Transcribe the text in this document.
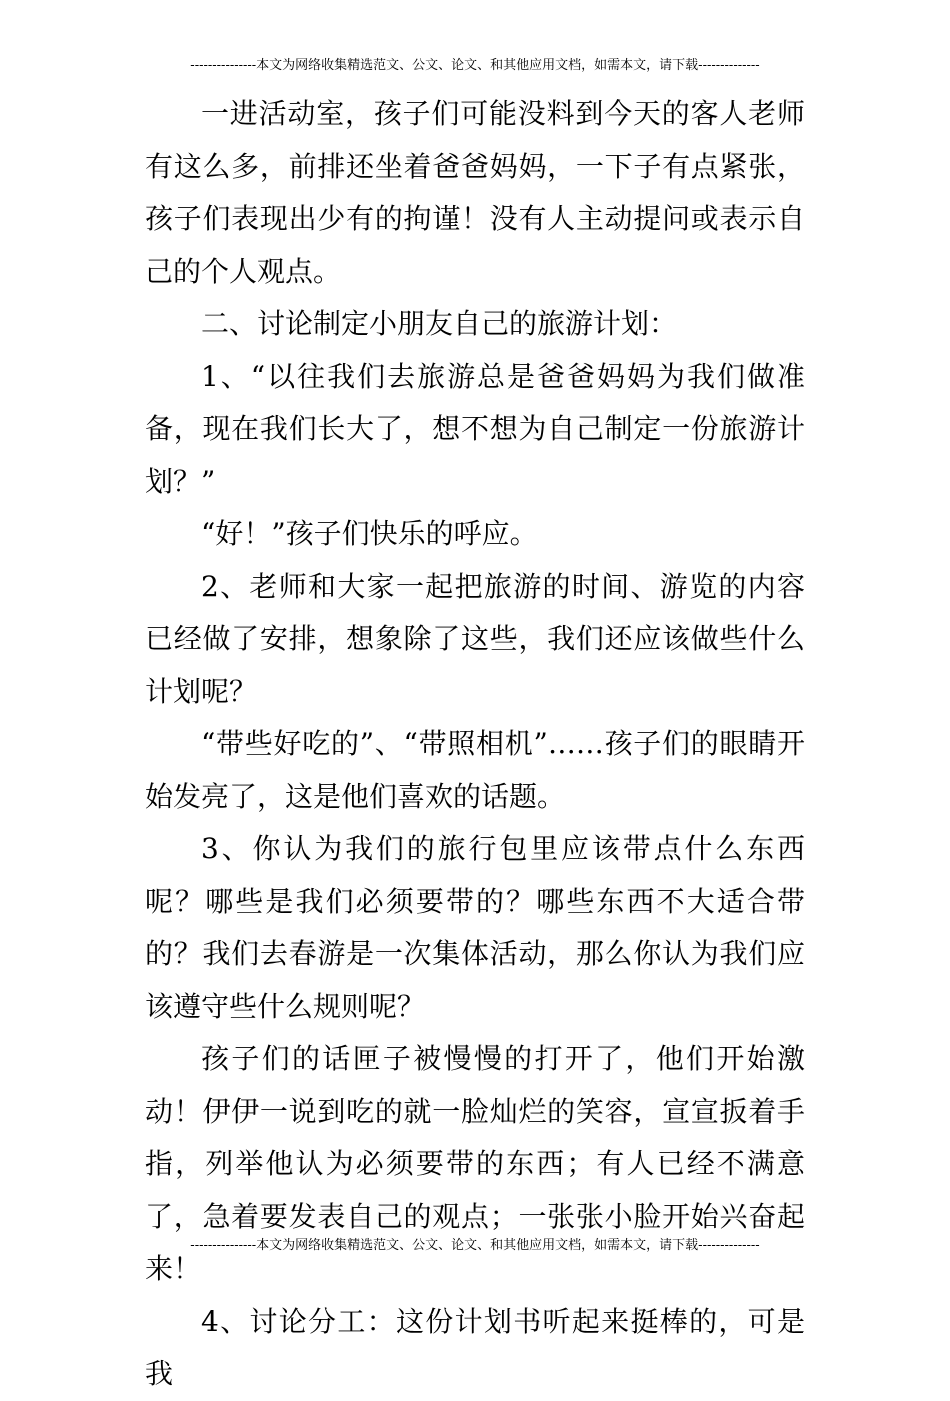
---------------本文为网络收集精选范文、公文、论文、和其他应用文档，如需本文，请下载--------------

一进活动室，孩子们可能没料到今天的客人老师有这么多，前排还坐着爸爸妈妈，一下子有点紧张，孩子们表现出少有的拘谨！没有人主动提问或表示自己的个人观点。

二、讨论制定小朋友自己的旅游计划：

1、“以往我们去旅游总是爸爸妈妈为我们做准备，现在我们长大了，想不想为自己制定一份旅游计划？”

“好！”孩子们快乐的呼应。

2、老师和大家一起把旅游的时间、游览的内容已经做了安排，想象除了这些，我们还应该做些什么计划呢？

“带些好吃的”、“带照相机”……孩子们的眼睛开始发亮了，这是他们喜欢的话题。

3、你认为我们的旅行包里应该带点什么东西呢？哪些是我们必须要带的？哪些东西不大适合带的？我们去春游是一次集体活动，那么你认为我们应该遵守些什么规则呢？

孩子们的话匣子被慢慢的打开了，他们开始激动！伊伊一说到吃的就一脸灿烂的笑容，宣宣扳着手指，列举他认为必须要带的东西；有人已经不满意了，急着要发表自己的观点；一张张小脸开始兴奋起来！

4、讨论分工：这份计划书听起来挺棒的，可是我

---------------本文为网络收集精选范文、公文、论文、和其他应用文档，如需本文，请下载--------------
